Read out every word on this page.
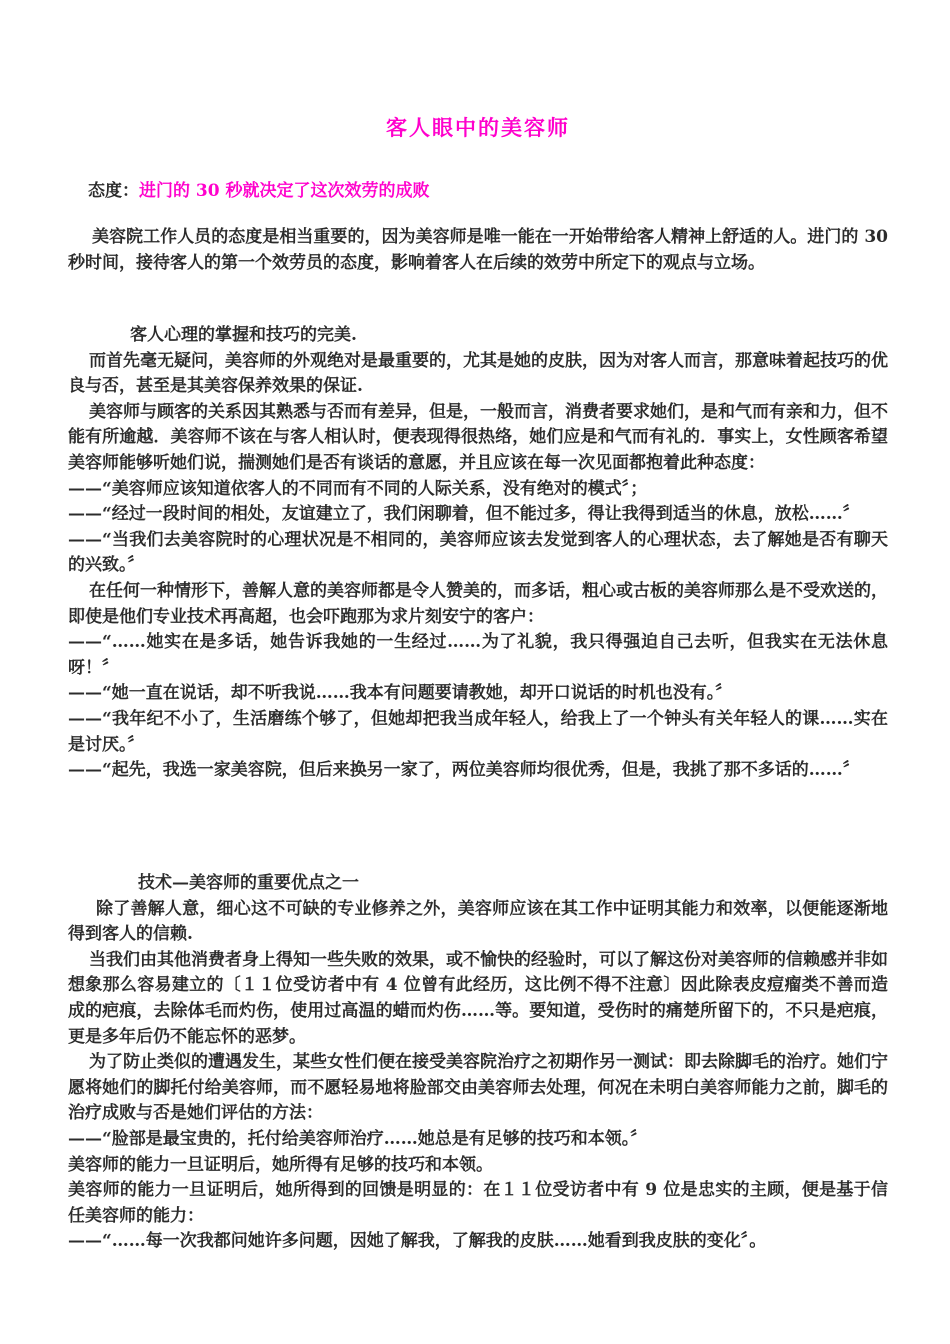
客人眼中的美容师
态度：进门的 30 秒就决定了这次效劳的成败

美容院工作人员的态度是相当重要的，因为美容师是唯一能在一开始带给客人精神上舒适的人。进门的 30 秒时间，接待客人的第一个效劳员的态度，影响着客人在后续的效劳中所定下的观点与立场。

客人心理的掌握和技巧的完美.

而首先毫无疑问，美容师的外观绝对是最重要的，尤其是她的皮肤，因为对客人而言，那意味着起技巧的优良与否，甚至是其美容保养效果的保证.

美容师与顾客的关系因其熟悉与否而有差异，但是，一般而言，消费者要求她们，是和气而有亲和力，但不能有所逾越．美容师不该在与客人相认时，便表现得很热络，她们应是和气而有礼的．事实上，女性顾客希望美容师能够听她们说，揣测她们是否有谈话的意愿，并且应该在每一次见面都抱着此种态度：

——“美容师应该知道依客人的不同而有不同的人际关系，没有绝对的模式〞；

——“经过一段时间的相处，友谊建立了，我们闲聊着，但不能过多，得让我得到适当的休息，放松……〞

——“当我们去美容院时的心理状况是不相同的，美容师应该去发觉到客人的心理状态，去了解她是否有聊天的兴致。〞

在任何一种情形下，善解人意的美容师都是令人赞美的，而多话，粗心或古板的美容师那么是不受欢送的，即使是他们专业技术再高超，也会吓跑那为求片刻安宁的客户：

——“……她实在是多话，她告诉我她的一生经过……为了礼貌，我只得强迫自己去听，但我实在无法休息呀！〞

——“她一直在说话，却不听我说……我本有问题要请教她，却开口说话的时机也没有。〞

——“我年纪不小了，生活磨练个够了，但她却把我当成年轻人，给我上了一个钟头有关年轻人的课……实在是讨厌。〞

——“起先，我选一家美容院，但后来换另一家了，两位美容师均很优秀，但是，我挑了那不多话的……〞

技术—美容师的重要优点之一

除了善解人意，细心这不可缺的专业修养之外，美容师应该在其工作中证明其能力和效率，以便能逐渐地得到客人的信赖.

当我们由其他消费者身上得知一些失败的效果，或不愉快的经验时，可以了解这份对美容师的信赖感并非如想象那么容易建立的〔１１位受访者中有 4 位曾有此经历，这比例不得不注意〕因此除表皮痘瘤类不善而造成的疤痕，去除体毛而灼伤，使用过高温的蜡而灼伤……等。要知道，受伤时的痛楚所留下的，不只是疤痕，更是多年后仍不能忘怀的恶梦。

为了防止类似的遭遇发生，某些女性们便在接受美容院治疗之初期作另一测试：即去除脚毛的治疗。她们宁愿将她们的脚托付给美容师，而不愿轻易地将脸部交由美容师去处理，何况在未明白美容师能力之前，脚毛的治疗成败与否是她们评估的方法：

——“脸部是最宝贵的，托付给美容师治疗……她总是有足够的技巧和本领。〞

美容师的能力一旦证明后，她所得有足够的技巧和本领。

美容师的能力一旦证明后，她所得到的回馈是明显的：在１１位受访者中有 9 位是忠实的主顾，便是基于信任美容师的能力：

——“……每一次我都问她许多问题，因她了解我，了解我的皮肤……她看到我皮肤的变化〞。
